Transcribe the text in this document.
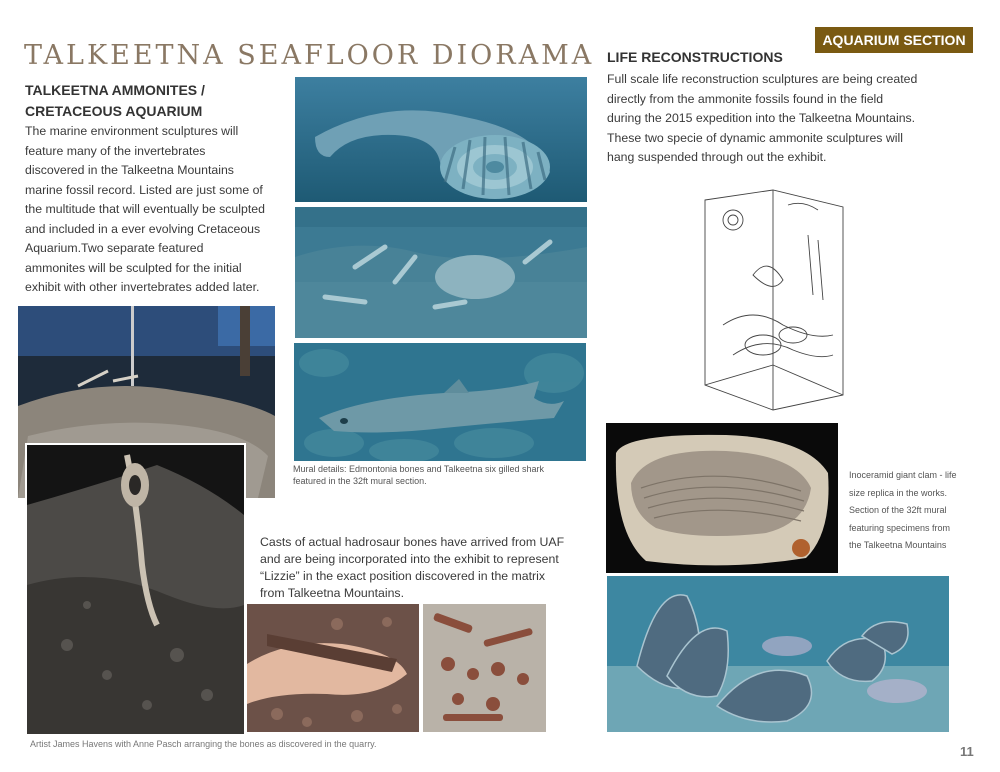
AQUARIUM SECTION
TALKEETNA SEAFLOOR DIORAMA
TALKEETNA AMMONITES /
CRETACEOUS AQUARIUM
The marine environment sculptures will
feature many of the invertebrates
discovered in the Talkeetna Mountains
marine fossil record. Listed are just some of
the multitude that will eventually be sculpted
and included in a ever evolving Cretaceous
Aquarium.Two separate featured
ammonites will be sculpted for the initial
exhibit with other invertebrates added later.
LIFE RECONSTRUCTIONS
Full scale life reconstruction sculptures are being created
directly from the ammonite fossils found in the field
during the 2015 expedition into the Talkeetna Mountains.
These two specie of dynamic ammonite sculptures will
hang suspended through out the exhibit.
Mural details: Edmontonia bones and Talkeetna six gilled shark
featured in the 32ft mural section.
Casts of actual hadrosaur bones have arrived from UAF
and are being incorporated into the exhibit to represent
“Lizzie” in the exact position discovered in the matrix
from Talkeetna Mountains.
Artist James Havens with Anne Pasch arranging the bones as discovered in the quarry.
Inoceramid giant clam - life
size replica in the works.
Section of the 32ft mural
featuring specimens from
the Talkeetna Mountains
11
